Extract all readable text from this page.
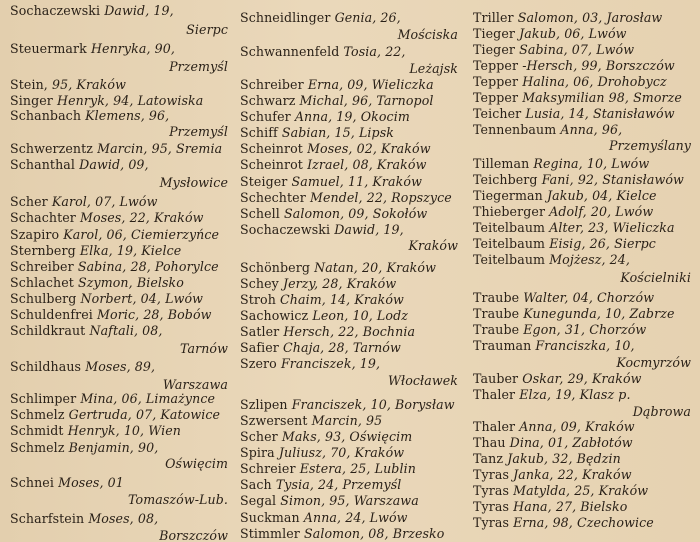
Sochaczewski Dawid, 19,
Sierpc
Steuermark Henryka, 90,
Przemyśl
Stein, 95, Kraków
Singer Henryk, 94, Latowiska
Schanbach Klemens, 96,
Przemyśl
Schwerzentz Marcin, 95, Sremia
Schanthal Dawid, 09,
Mysłowice
Scher Karol, 07, Lwów
Schachter Moses, 22, Kraków
Szapiro Karol, 06, Ciemierzyńce
Sternberg Elka, 19, Kielce
Schreiber Sabina, 28, Pohorylce
Schlachet Szymon, Bielsko
Schulberg Norbert, 04, Lwów
Schuldenfrei Moric, 28, Bobów
Schildkraut Naftali, 08,
Tarnów
Schildhaus Moses, 89,
Warszawa
Schlimper Mina, 06, Limażynce
Schmelz Gertruda, 07, Katowice
Schmidt Henryk, 10, Wien
Schmelz Benjamin, 90,
Oświęcim
Schnei Moses, 01
Tomaszów-Lub.
Scharfstein Moses, 08,
Borszczów
Schneidlinger Genia, 26,
Mościska
Schwannenfeld Tosia, 22,
Leżajsk
Schreiber Erna, 09, Wieliczka
Schwarz Michal, 96, Tarnopol
Schufer Anna, 19, Okocim
Schiff Sabian, 15, Lipsk
Scheinrot Moses, 02, Kraków
Scheinrot Izrael, 08, Kraków
Steiger Samuel, 11, Kraków
Schechter Mendel, 22, Ropszyce
Schell Salomon, 09, Sokołów
Sochaczewski Dawid, 19,
Kraków
Schönberg Natan, 20, Kraków
Schey Jerzy, 28, Kraków
Stroh Chaim, 14, Kraków
Sachowicz Leon, 10, Lodz
Satler Hersch, 22, Bochnia
Safier Chaja, 28, Tarnów
Szero Franciszek, 19,
Włocławek
Szlipen Franciszek, 10, Borysław
Szwersent Marcin, 95
Scher Maks, 93, Oświęcim
Spira Juliusz, 70, Kraków
Schreier Estera, 25, Lublin
Sach Tysia, 24, Przemyśl
Segal Simon, 95, Warszawa
Suckman Anna, 24, Lwów
Stimmler Salomon, 08, Brzesko
Triller Salomon, 03, Jarosław
Tieger Jakub, 06, Lwów
Tieger Sabina, 07, Lwów
Tepper -Hersch, 99, Borszczów
Tepper Halina, 06, Drohobycz
Tepper Maksymilian 98, Smorze
Teicher Lusia, 14, Stanisławów
Tennenbaum Anna, 96,
Przemyślany
Tilleman Regina, 10, Lwów
Teichberg Fani, 92, Stanisławów
Tiegerman Jakub, 04, Kielce
Thieberger Adolf, 20, Lwów
Teitelbaum Alter, 23, Wieliczka
Teitelbaum Eisig, 26, Sierpc
Teitelbaum Mojżesz, 24,
Kościelniki
Traube Walter, 04, Chorzów
Traube Kunegunda, 10, Zabrze
Traube Egon, 31, Chorzów
Trauman Franciszka, 10,
Kocmyrzów
Tauber Oskar, 29, Kraków
Thaler Elza, 19, Klasz p.
Dąbrowa
Thaler Anna, 09, Kraków
Thau Dina, 01, Zabłotów
Tanz Jakub, 32, Będzin
Tyras Janka, 22, Kraków
Tyras Matylda, 25, Kraków
Tyras Hana, 27, Bielsko
Tyras Erna, 98, Czechowice
